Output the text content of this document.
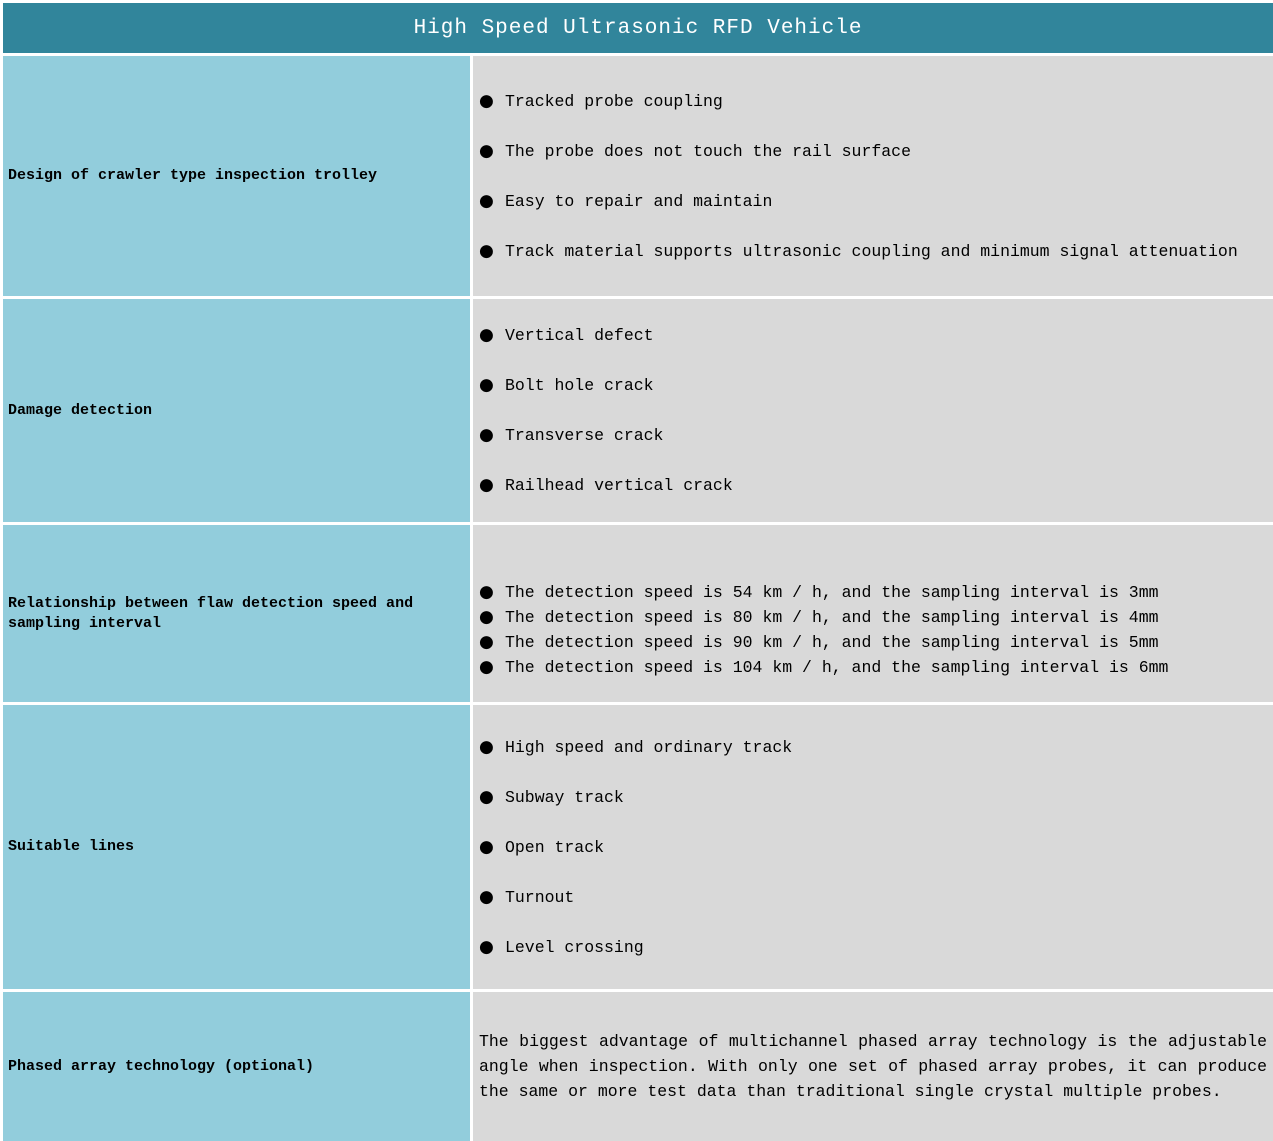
High Speed Ultrasonic RFD Vehicle
Design of crawler type inspection trolley
● Tracked probe coupling
● The probe does not touch the rail surface
● Easy to repair and maintain
● Track material supports ultrasonic coupling and minimum signal attenuation
Damage detection
● Vertical defect
● Bolt hole crack
● Transverse crack
● Railhead vertical crack
Relationship between flaw detection speed and sampling interval
● The detection speed is 54 km / h, and the sampling interval is 3mm
● The detection speed is 80 km / h, and the sampling interval is 4mm
● The detection speed is 90 km / h, and the sampling interval is 5mm
● The detection speed is 104 km / h, and the sampling interval is 6mm
Suitable lines
● High speed and ordinary track
● Subway track
● Open track
● Turnout
● Level crossing
Phased array technology (optional)

The biggest advantage of multichannel phased array technology is the adjustable angle when inspection. With only one set of phased array probes, it can produce the same or more test data than traditional single crystal multiple probes.
